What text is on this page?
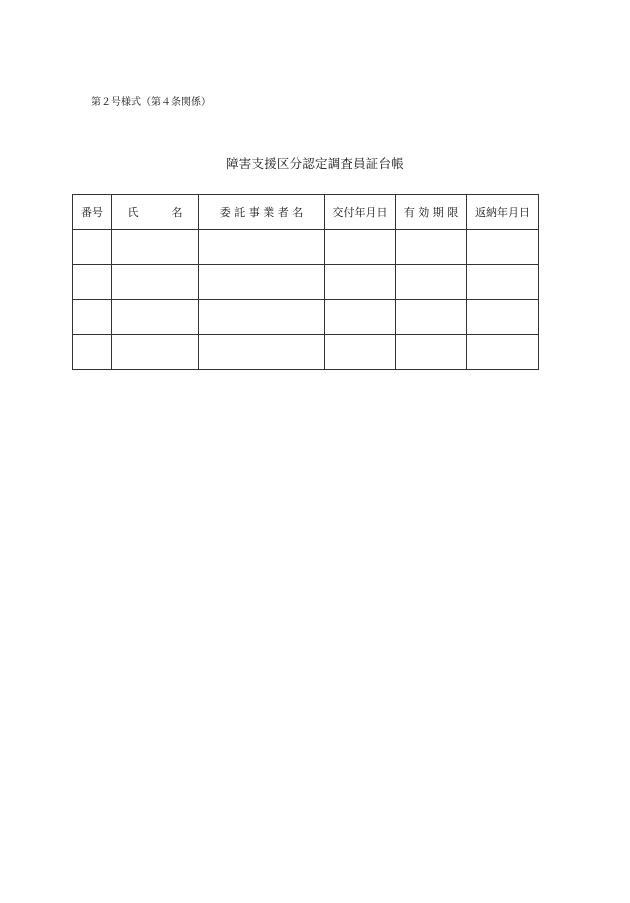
第２号様式（第４条関係）
障害支援区分認定調査員証台帳
番号	氏　　　名	委 託 事 業 者 名	交付年月日	有 効 期 限	返納年月日
